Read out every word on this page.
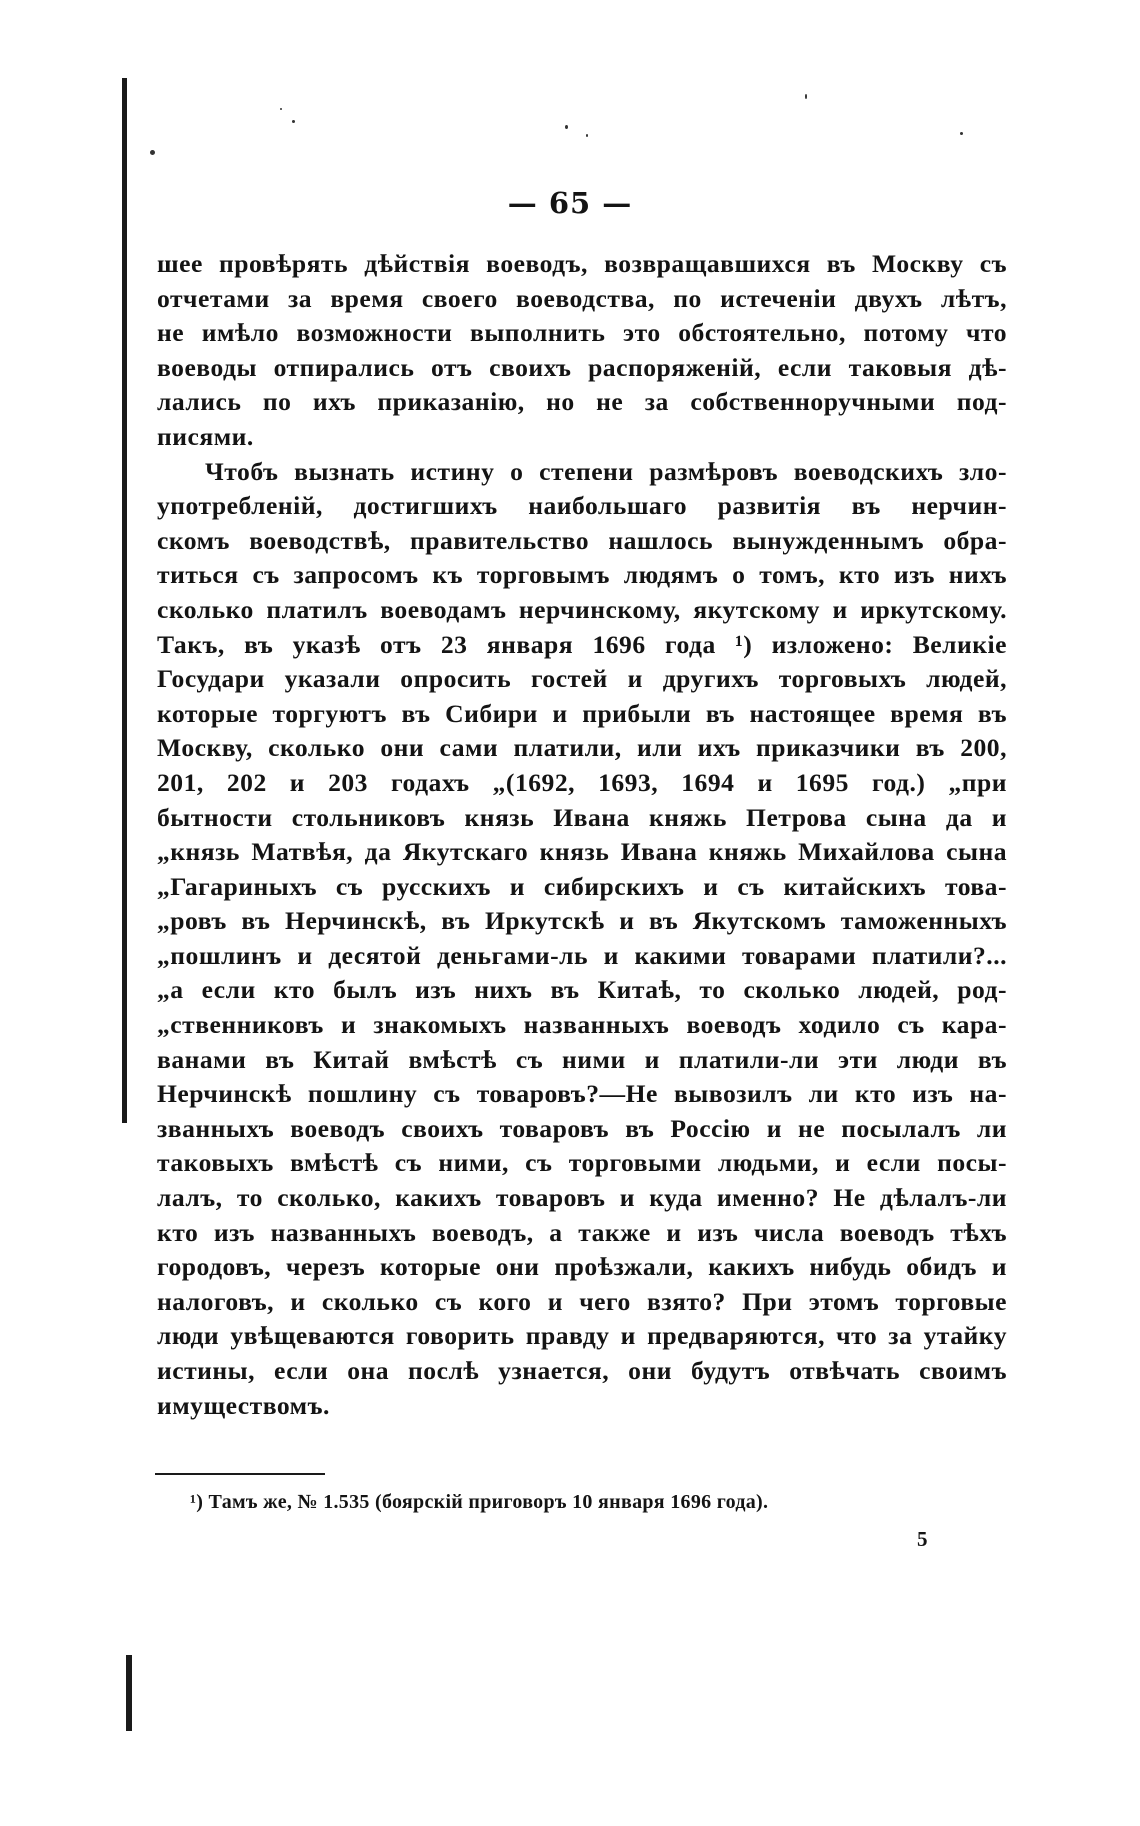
— 65 —
шее провѣрять дѣйствія воеводъ, возвращавшихся въ Москву съ
отчетами за время своего воеводства, по истеченіи двухъ лѣтъ,
не имѣло возможности выполнить это обстоятельно, потому что
воеводы отпирались отъ своихъ распоряженій, если таковыя дѣ-
лались по ихъ приказанію, но не за собственноручными под-
писями.
Чтобъ вызнать истину о степени размѣровъ воеводскихъ зло-
употребленій, достигшихъ наибольшаго развитія въ нерчин-
скомъ воеводствѣ, правительство нашлось вынужденнымъ обра-
титься съ запросомъ къ торговымъ людямъ о томъ, кто изъ нихъ
сколько платилъ воеводамъ нерчинскому, якутскому и иркутскому.
Такъ, въ указѣ отъ 23 января 1696 года ¹) изложено: Великіе
Государи указали опросить гостей и другихъ торговыхъ людей,
которые торгуютъ въ Сибири и прибыли въ настоящее время въ
Москву, сколько они сами платили, или ихъ приказчики въ 200,
201, 202 и 203 годахъ „(1692, 1693, 1694 и 1695 год.) „при
бытности стольниковъ князь Ивана княжь Петрова сына да и
„князь Матвѣя, да Якутскаго князь Ивана княжь Михайлова сына
„Гагариныхъ съ русскихъ и сибирскихъ и съ китайскихъ това-
„ровъ въ Нерчинскѣ, въ Иркутскѣ и въ Якутскомъ таможенныхъ
„пошлинъ и десятой деньгами-ль и какими товарами платили?...
„а если кто былъ изъ нихъ въ Китаѣ, то сколько людей, род-
„ственниковъ и знакомыхъ названныхъ воеводъ ходило съ кара-
ванами въ Китай вмѣстѣ съ ними и платили-ли эти люди въ
Нерчинскѣ пошлину съ товаровъ?—Не вывозилъ ли кто изъ на-
званныхъ воеводъ своихъ товаровъ въ Россію и не посылалъ ли
таковыхъ вмѣстѣ съ ними, съ торговыми людьми, и если посы-
лалъ, то сколько, какихъ товаровъ и куда именно? Не дѣлалъ-ли
кто изъ названныхъ воеводъ, а также и изъ числа воеводъ тѣхъ
городовъ, черезъ которые они проѣзжали, какихъ нибудь обидъ и
налоговъ, и сколько съ кого и чего взято? При этомъ торговые
люди увѣщеваются говорить правду и предваряются, что за утайку
истины, если она послѣ узнается, они будутъ отвѣчать своимъ
имуществомъ.
¹) Тамъ же, № 1.535 (боярскій приговоръ 10 января 1696 года).
5
